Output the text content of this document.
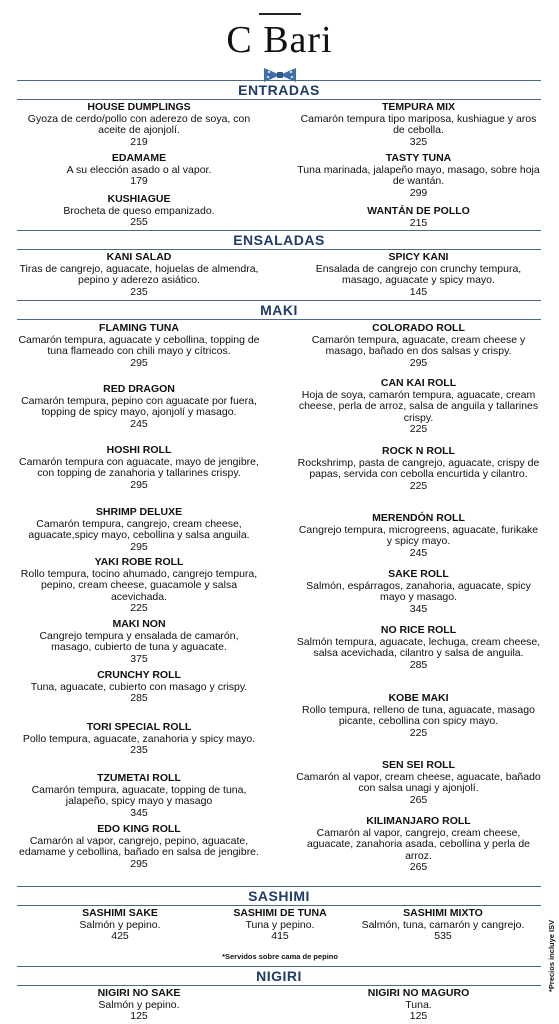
C Bari
ENTRADAS
HOUSE DUMPLINGS
Gyoza de cerdo/pollo con aderezo de soya, con aceite de ajonjolí.
219
EDAMAME
A su elección asado o al vapor.
179
KUSHIAGUE
Brocheta de queso empanizado.
255
TEMPURA MIX
Camarón tempura tipo mariposa, kushiague y aros de cebolla.
325
TASTY TUNA
Tuna marinada, jalapeño mayo, masago, sobre hoja de wantán.
299
WANTÁN DE POLLO
215
ENSALADAS
KANI SALAD
Tiras de cangrejo, aguacate, hojuelas de almendra, pepino y aderezo asiático.
235
SPICY KANI
Ensalada de cangrejo con crunchy tempura, masago, aguacate y spicy mayo.
145
MAKI
FLAMING TUNA
Camarón tempura, aguacate y cebollina, topping de tuna flameado con chili mayo y cítricos.
295
RED DRAGON
Camarón tempura, pepino con aguacate por fuera, topping de spicy mayo, ajonjolí y masago.
245
HOSHI ROLL
Camarón tempura con aguacate, mayo de jengibre, con topping de zanahoria y tallarines crispy.
295
SHRIMP DELUXE
Camarón tempura, cangrejo, cream cheese, aguacate,spicy mayo, cebollina y salsa anguila.
295
YAKI ROBE ROLL
Rollo tempura, tocino ahumado, cangrejo tempura, pepino, cream cheese, guacamole y salsa acevichada.
225
MAKI NON
Cangrejo tempura y ensalada de camarón, masago, cubierto de tuna y aguacate.
375
CRUNCHY ROLL
Tuna, aguacate, cubierto con masago y crispy.
285
TORI SPECIAL ROLL
Pollo tempura, aguacate, zanahoria y spicy mayo.
235
TZUMETAI ROLL
Camarón tempura, aguacate, topping de tuna, jalapeño, spicy mayo y masago
345
EDO KING ROLL
Camarón al vapor, cangrejo, pepino, aguacate, edamame y cebollina, bañado en salsa de jengibre.
295
COLORADO ROLL
Camarón tempura, aguacate, cream cheese y masago, bañado en dos salsas y crispy.
295
CAN KAI ROLL
Hoja de soya, camarón tempura, aguacate, cream cheese, perla de arroz, salsa de anguila y tallarines crispy.
225
ROCK N ROLL
Rockshrimp, pasta de cangrejo, aguacate, crispy de papas, servida con cebolla encurtida y cilantro.
225
MERENDÓN ROLL
Cangrejo tempura, microgreens, aguacate, furikake y spicy mayo.
245
SAKE ROLL
Salmón, espárragos, zanahoria, aguacate, spicy mayo y masago.
345
NO RICE ROLL
Salmón tempura, aguacate, lechuga, cream cheese, salsa acevichada, cilantro y salsa de anguila.
285
KOBE MAKI
Rollo tempura, relleno de tuna, aguacate, masago picante, cebollina con spicy mayo.
225
SEN SEI ROLL
Camarón al vapor, cream cheese, aguacate, bañado con salsa unagi y ajonjolí.
265
KILIMANJARO ROLL
Camarón al vapor, cangrejo, cream cheese, aguacate, zanahoria asada, cebollina y perla de arroz.
265
SASHIMI
SASHIMI SAKE
Salmón y pepino.
425
SASHIMI DE TUNA
Tuna y pepino.
415
SASHIMI MIXTO
Salmón, tuna, camarón y cangrejo.
535
*Servidos sobre cama de pepino
NIGIRI
NIGIRI NO SAKE
Salmón y pepino.
125
NIGIRI NO MAGURO
Tuna.
125
*Precios incluye ISV
